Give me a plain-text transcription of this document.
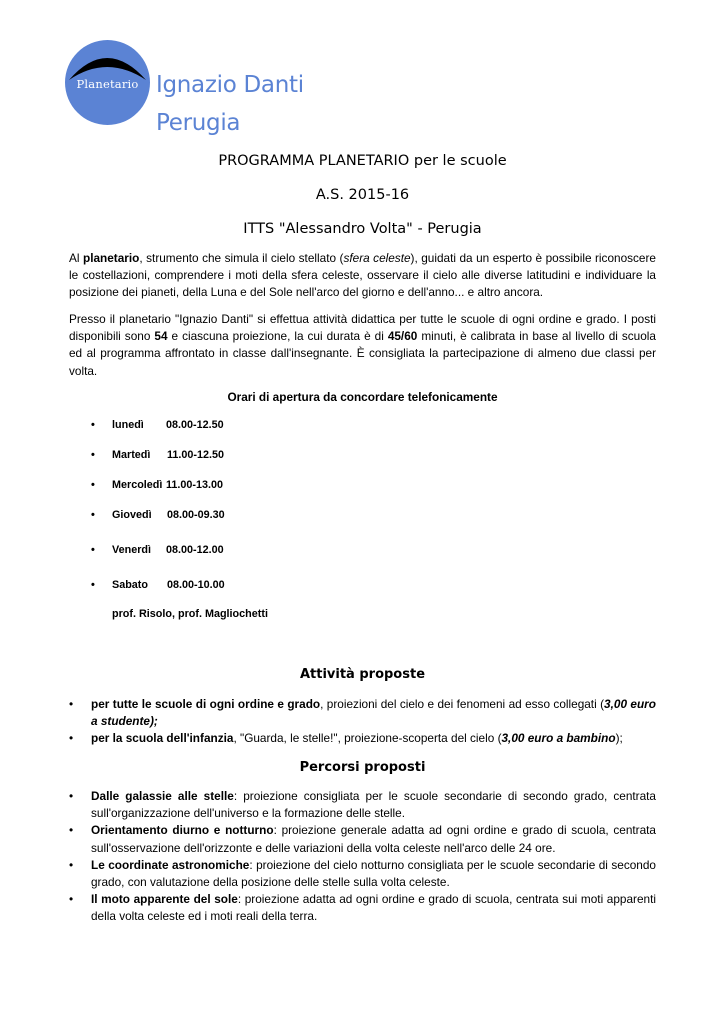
Planetario Ignazio Danti
Perugia
PROGRAMMA PLANETARIO per le scuole
A.S. 2015-16
ITTS "Alessandro Volta" - Perugia

Al planetario, strumento che simula il cielo stellato (sfera celeste), guidati da un esperto è possibile riconoscere le costellazioni, comprendere i moti della sfera celeste, osservare il cielo alle diverse latitudini e individuare la posizione dei pianeti, della Luna e del Sole nell'arco del giorno e dell'anno... e altro ancora.

Presso il planetario "Ignazio Danti" si effettua attività didattica per tutte le scuole di ogni ordine e grado. I posti disponibili sono 54 e ciascuna proiezione, la cui durata è di 45/60 minuti, è calibrata in base al livello di scuola ed al programma affrontato in classe dall'insegnante. È consigliata la partecipazione di almeno due classi per volta.

Orari di apertura da concordare telefonicamente
• lunedì 08.00-12.50
• Martedì 11.00-12.50
• Mercoledì 11.00-13.00
• Giovedì 08.00-09.30
• Venerdì 08.00-12.00
• Sabato 08.00-10.00
prof. Risolo, prof. Magliochetti
Attività proposte
• per tutte le scuole di ogni ordine e grado, proiezioni del cielo e dei fenomeni ad esso collegati (3,00 euro a studente);
• per la scuola dell'infanzia, "Guarda, le stelle!", proiezione-scoperta del cielo (3,00 euro a bambino);
Percorsi proposti
• Dalle galassie alle stelle: proiezione consigliata per le scuole secondarie di secondo grado, centrata sull'organizzazione dell'universo e la formazione delle stelle.
• Orientamento diurno e notturno: proiezione generale adatta ad ogni ordine e grado di scuola, centrata sull'osservazione dell'orizzonte e delle variazioni della volta celeste nell'arco delle 24 ore.
• Le coordinate astronomiche: proiezione del cielo notturno consigliata per le scuole secondarie di secondo grado, con valutazione della posizione delle stelle sulla volta celeste.
• Il moto apparente del sole: proiezione adatta ad ogni ordine e grado di scuola, centrata sui moti apparenti della volta celeste ed i moti reali della terra.
